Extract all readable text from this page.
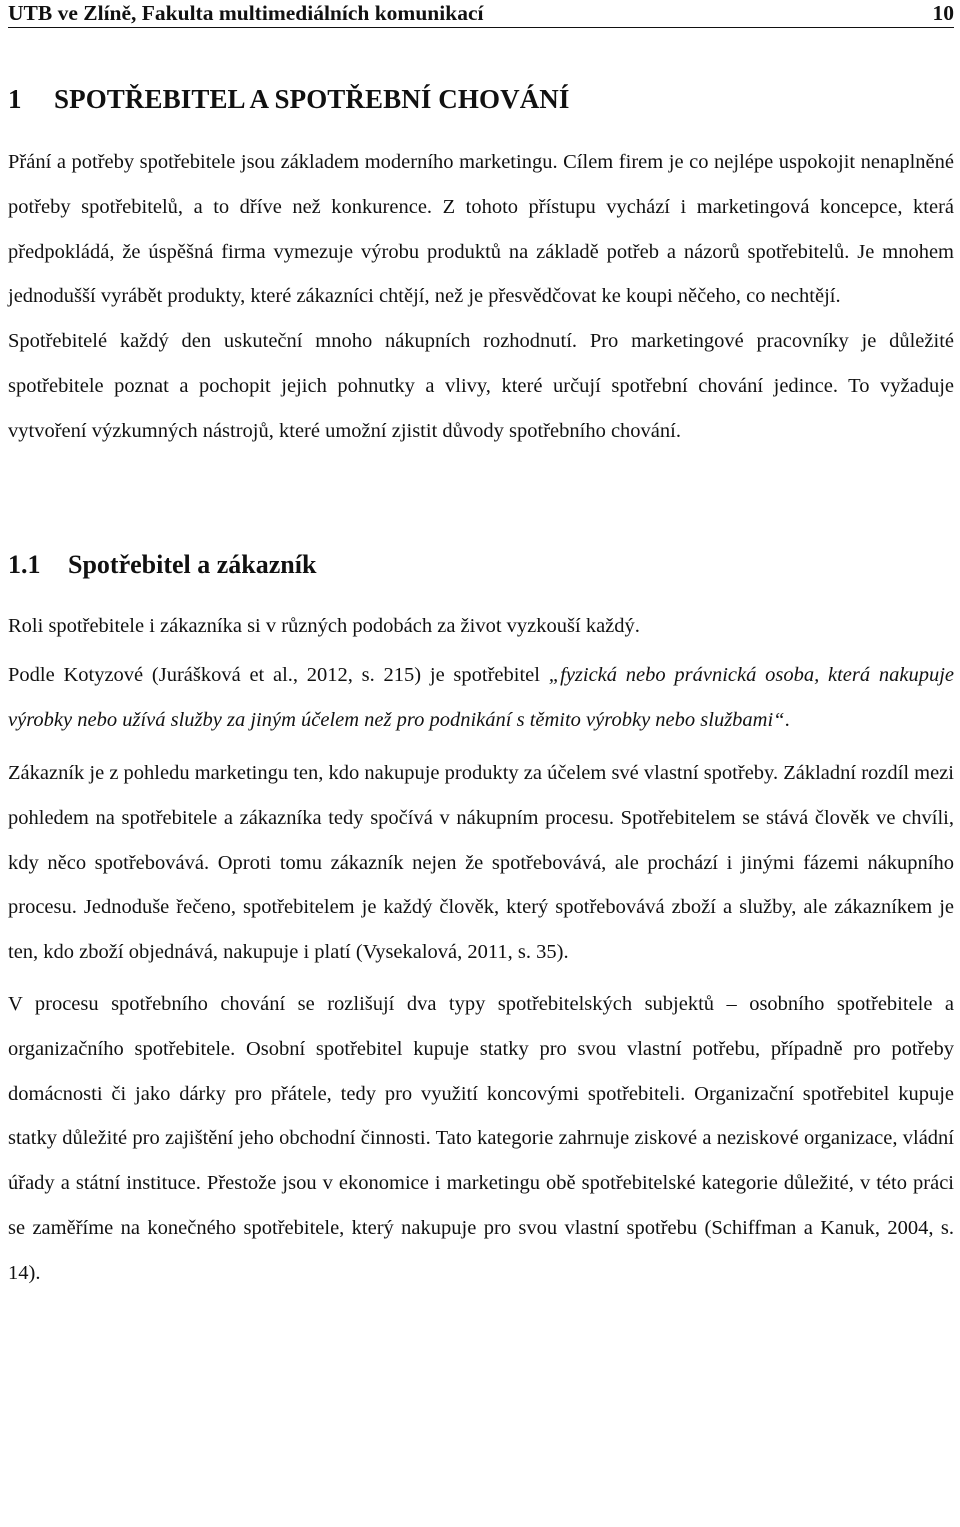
UTB ve Zlíně, Fakulta multimediálních komunikací	10
1 SPOTŘEBITEL A SPOTŘEBNÍ CHOVÁNÍ

Přání a potřeby spotřebitele jsou základem moderního marketingu. Cílem firem je co nejlépe uspokojit nenaplněné potřeby spotřebitelů, a to dříve než konkurence. Z tohoto přístupu vychází i marketingová koncepce, která předpokládá, že úspěšná firma vymezuje výrobu produktů na základě potřeb a názorů spotřebitelů. Je mnohem jednodušší vyrábět produkty, které zákazníci chtějí, než je přesvědčovat ke koupi něčeho, co nechtějí.

Spotřebitelé každý den uskuteční mnoho nákupních rozhodnutí. Pro marketingové pracovníky je důležité spotřebitele poznat a pochopit jejich pohnutky a vlivy, které určují spotřební chování jedince. To vyžaduje vytvoření výzkumných nástrojů, které umožní zjistit důvody spotřebního chování.

1.1 Spotřebitel a zákazník

Roli spotřebitele i zákazníka si v různých podobách za život vyzkouší každý.

Podle Kotyzové (Jurášková et al., 2012, s. 215) je spotřebitel „fyzická nebo právnická osoba, která nakupuje výrobky nebo užívá služby za jiným účelem než pro podnikání s těmito výrobky nebo službami“.

Zákazník je z pohledu marketingu ten, kdo nakupuje produkty za účelem své vlastní spotřeby. Základní rozdíl mezi pohledem na spotřebitele a zákazníka tedy spočívá v nákupním procesu. Spotřebitelem se stává člověk ve chvíli, kdy něco spotřebovává. Oproti tomu zákazník nejen že spotřebovává, ale prochází i jinými fázemi nákupního procesu. Jednoduše řečeno, spotřebitelem je každý člověk, který spotřebovává zboží a služby, ale zákazníkem je ten, kdo zboží objednává, nakupuje i platí (Vysekalová, 2011, s. 35).

V procesu spotřebního chování se rozlišují dva typy spotřebitelských subjektů – osobního spotřebitele a organizačního spotřebitele. Osobní spotřebitel kupuje statky pro svou vlastní potřebu, případně pro potřeby domácnosti či jako dárky pro přátele, tedy pro využití koncovými spotřebiteli. Organizační spotřebitel kupuje statky důležité pro zajištění jeho obchodní činnosti. Tato kategorie zahrnuje ziskové a neziskové organizace, vládní úřady a státní instituce. Přestože jsou v ekonomice i marketingu obě spotřebitelské kategorie důležité, v této práci se zaměříme na konečného spotřebitele, který nakupuje pro svou vlastní spotřebu (Schiffman a Kanuk, 2004, s. 14).
